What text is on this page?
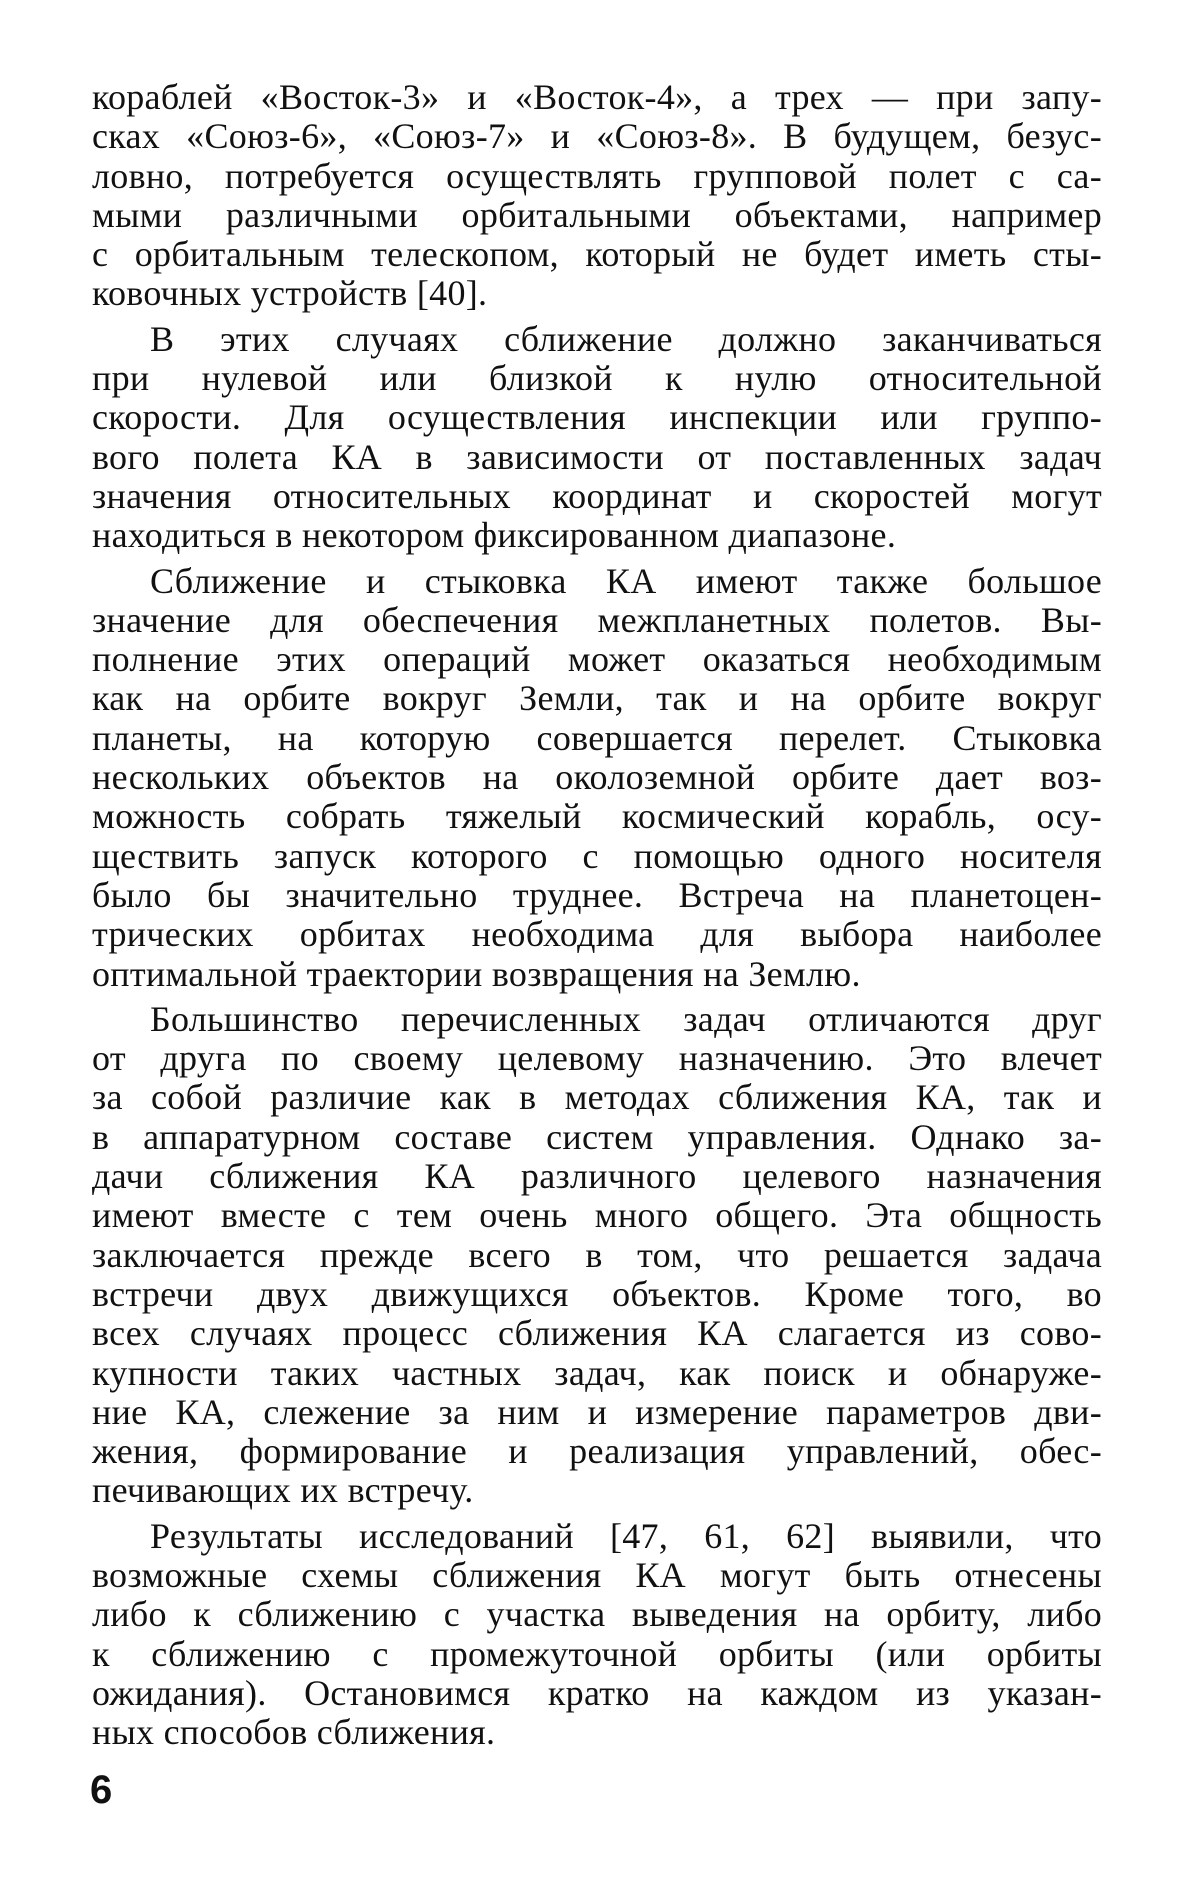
кораблей «Восток-3» и «Восток-4», а трех — при запу-
сках «Союз-6», «Союз-7» и «Союз-8». В будущем, безус-
ловно, потребуется осуществлять групповой полет с са-
мыми различными орбитальными объектами, например
с орбитальным телескопом, который не будет иметь сты-
ковочных устройств [40].
В этих случаях сближение должно заканчиваться
при нулевой или близкой к нулю относительной
скорости. Для осуществления инспекции или группо-
вого полета КА в зависимости от поставленных задач
значения относительных координат и скоростей могут
находиться в некотором фиксированном диапазоне.
Сближение и стыковка КА имеют также большое
значение для обеспечения межпланетных полетов. Вы-
полнение этих операций может оказаться необходимым
как на орбите вокруг Земли, так и на орбите вокруг
планеты, на которую совершается перелет. Стыковка
нескольких объектов на околоземной орбите дает воз-
можность собрать тяжелый космический корабль, осу-
ществить запуск которого с помощью одного носителя
было бы значительно труднее. Встреча на планетоцен-
трических орбитах необходима для выбора наиболее
оптимальной траектории возвращения на Землю.
Большинство перечисленных задач отличаются друг
от друга по своему целевому назначению. Это влечет
за собой различие как в методах сближения КА, так и
в аппаратурном составе систем управления. Однако за-
дачи сближения КА различного целевого назначения
имеют вместе с тем очень много общего. Эта общность
заключается прежде всего в том, что решается задача
встречи двух движущихся объектов. Кроме того, во
всех случаях процесс сближения КА слагается из сово-
купности таких частных задач, как поиск и обнаруже-
ние КА, слежение за ним и измерение параметров дви-
жения, формирование и реализация управлений, обес-
печивающих их встречу.
Результаты исследований [47, 61, 62] выявили, что
возможные схемы сближения КА могут быть отнесены
либо к сближению с участка выведения на орбиту, либо
к сближению с промежуточной орбиты (или орбиты
ожидания). Остановимся кратко на каждом из указан-
ных способов сближения.
6
